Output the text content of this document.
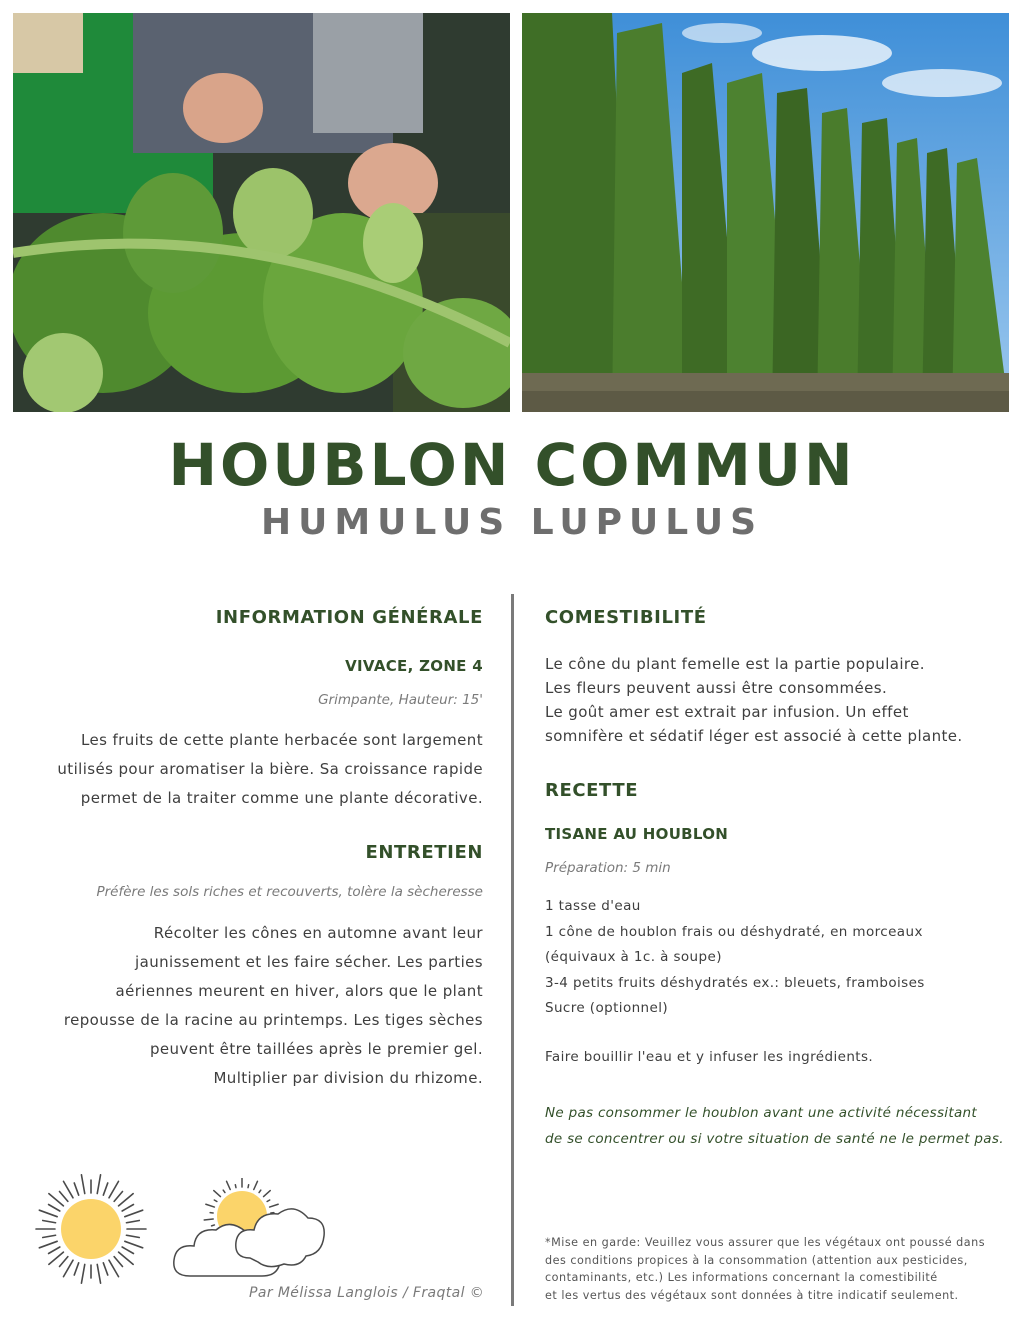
HOUBLON COMMUN
HUMULUS LUPULUS
INFORMATION GÉNÉRALE
VIVACE, ZONE 4
Grimpante, Hauteur: 15'
Les fruits de cette plante herbacée sont largement
utilisés pour aromatiser la bière. Sa croissance rapide
permet de la traiter comme une plante décorative.
ENTRETIEN
Préfère les sols riches et recouverts, tolère la sècheresse
Récolter les cônes en automne avant leur
jaunissement et les faire sécher. Les parties
aériennes meurent en hiver, alors que le plant
repousse de la racine au printemps. Les tiges sèches
peuvent être taillées après le premier gel.
Multiplier par division du rhizome.
Par Mélissa Langlois / Fraqtal ©
COMESTIBILITÉ
Le cône du plant femelle est la partie populaire.
Les fleurs peuvent aussi être consommées.
Le goût amer est extrait par infusion. Un effet
somnifère et sédatif léger est associé à cette plante.
RECETTE
TISANE AU HOUBLON
Préparation: 5 min
1 tasse d'eau
1 cône de houblon frais ou déshydraté, en morceaux
(équivaux à 1c. à soupe)
3-4 petits fruits déshydratés ex.: bleuets, framboises
Sucre (optionnel)
Faire bouillir l'eau et y infuser les ingrédients.
Ne pas consommer le houblon avant une activité nécessitant
de se concentrer ou si votre situation de santé ne le permet pas.
*Mise en garde: Veuillez vous assurer que les végétaux ont poussé dans
des conditions propices à la consommation (attention aux pesticides,
contaminants, etc.) Les informations concernant la comestibilité
et les vertus des végétaux sont données à titre indicatif seulement.
